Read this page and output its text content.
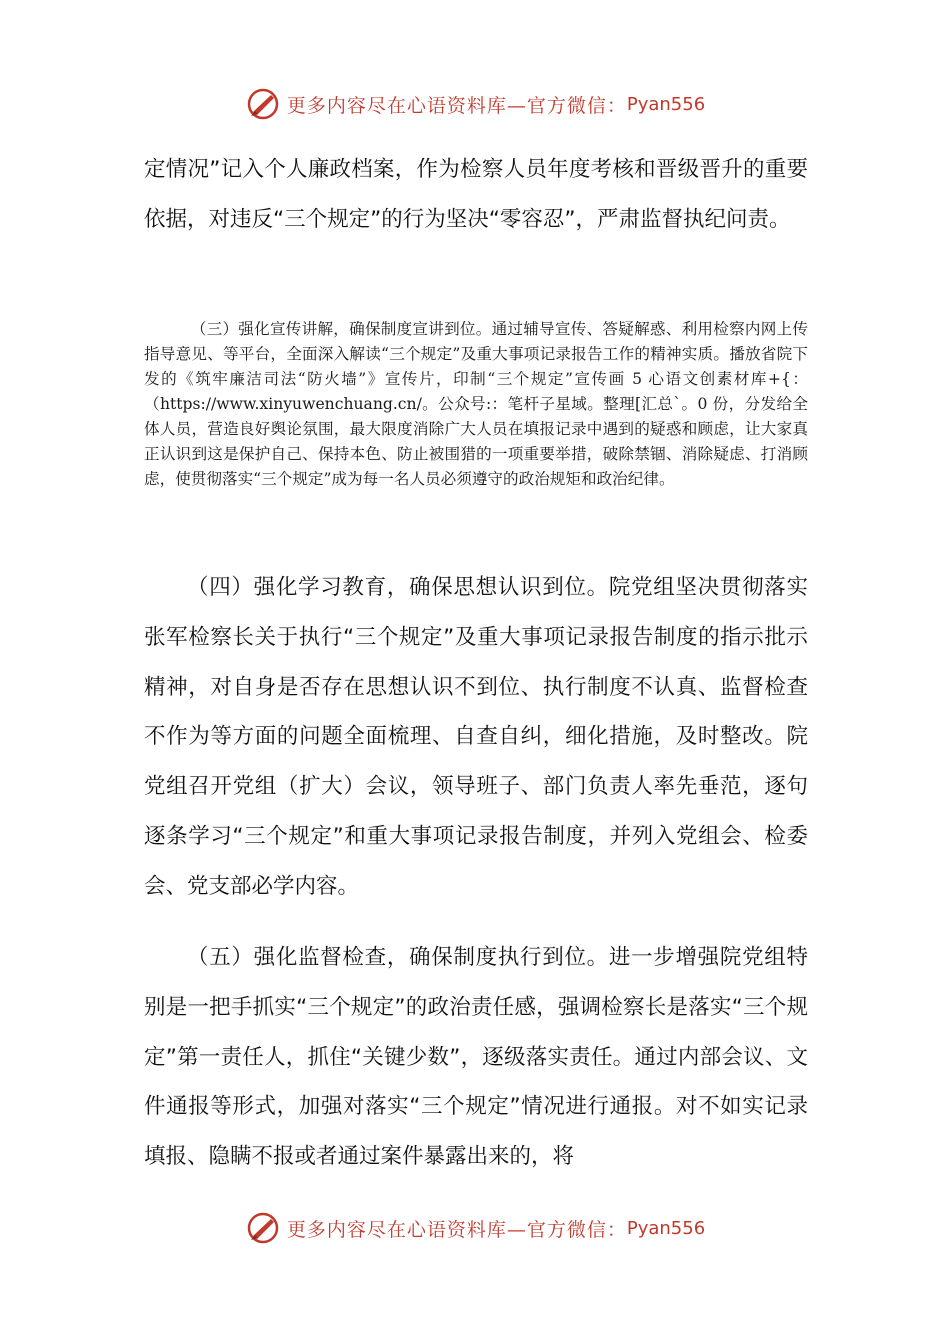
更多内容尽在心语资料库—官方微信： Pyan556

定情况”记入个人廉政档案，作为检察人员年度考核和晋级晋升的重要依据，对违反“三个规定”的行为坚决“零容忍”，严肃监督执纪问责。

（三）强化宣传讲解，确保制度宣讲到位。通过辅导宣传、答疑解惑、利用检察内网上传指导意见、等平台，全面深入解读“三个规定”及重大事项记录报告工作的精神实质。播放省院下发的《筑牢廉洁司法“防火墙”》宣传片，印制“三个规定”宣传画 5 心语文创素材库+{：（https://www.xinyuwenchuang.cn/。公众号:：笔杆子星域。整理[汇总`。0 份，分发给全体人员，营造良好舆论氛围，最大限度消除广大人员在填报记录中遇到的疑惑和顾虑，让大家真正认识到这是保护自己、保持本色、防止被围猎的一项重要举措，破除禁锢、消除疑虑、打消顾虑，使贯彻落实“三个规定”成为每一名人员必须遵守的政治规矩和政治纪律。

（四）强化学习教育，确保思想认识到位。院党组坚决贯彻落实张军检察长关于执行“三个规定”及重大事项记录报告制度的指示批示精神，对自身是否存在思想认识不到位、执行制度不认真、监督检查不作为等方面的问题全面梳理、自查自纠，细化措施，及时整改。院党组召开党组（扩大）会议，领导班子、部门负责人率先垂范，逐句逐条学习“三个规定”和重大事项记录报告制度，并列入党组会、检委会、党支部必学内容。

（五）强化监督检查，确保制度执行到位。进一步增强院党组特别是一把手抓实“三个规定”的政治责任感，强调检察长是落实“三个规定”第一责任人，抓住“关键少数”，逐级落实责任。通过内部会议、文件通报等形式，加强对落实“三个规定”情况进行通报。对不如实记录填报、隐瞒不报或者通过案件暴露出来的，将

更多内容尽在心语资料库—官方微信： Pyan556
